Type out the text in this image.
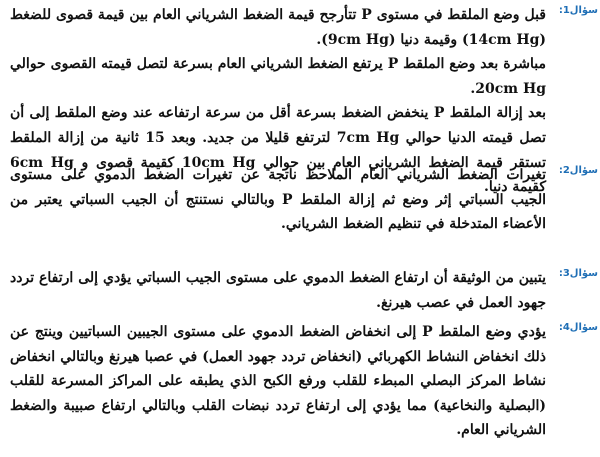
سؤال1:

قبل وضع الملقط في مستوى P تتأرجح قيمة الضغط الشرياني العام بين قيمة قصوى للضغط (14cm Hg) وقيمة دنيا (9cm Hg).

مباشرة بعد وضع الملقط P يرتفع الضغط الشرياني العام بسرعة لتصل قيمته القصوى حوالي 20cm Hg.

بعد إزالة الملقط P ينخفض الضغط بسرعة أقل من سرعة ارتفاعه عند وضع الملقط إلى أن تصل قيمته الدنيا حوالي 7cm Hg لترتفع قليلا من جديد. وبعد 15 ثانية من إزالة الملقط تستقر قيمة الضغط الشرياني العام بين حوالي 10cm Hg كقيمة قصوى و 6cm Hg كقيمة دنيا.

سؤال2:

تغيرات الضغط الشرياني العام الملاحظ ناتجة عن تغيرات الضغط الدموي على مستوى الجيب السباتي إثر وضع ثم إزالة الملقط P وبالتالي نستنتج أن الجيب السباتي يعتبر من الأعضاء المتدخلة في تنظيم الضغط الشرياني.

سؤال3:

يتبين من الوثيقة أن ارتفاع الضغط الدموي على مستوى الجيب السباتي يؤدي إلى ارتفاع تردد جهود العمل في عصب هيرنغ.

سؤال4:

يؤدي وضع الملقط P إلى انخفاض الضغط الدموي على مستوى الجيبين السباتيين وينتج عن ذلك انخفاض النشاط الكهربائي (انخفاض تردد جهود العمل) في عصبا هيرنغ وبالتالي انخفاض نشاط المركز البصلي المبطء للقلب ورفع الكبح الذي يطبقه على المراكز المسرعة للقلب (البصلية والنخاعية) مما يؤدي إلى ارتفاع تردد نبضات القلب وبالتالي ارتفاع صبيبة والضغط الشرياني العام.
